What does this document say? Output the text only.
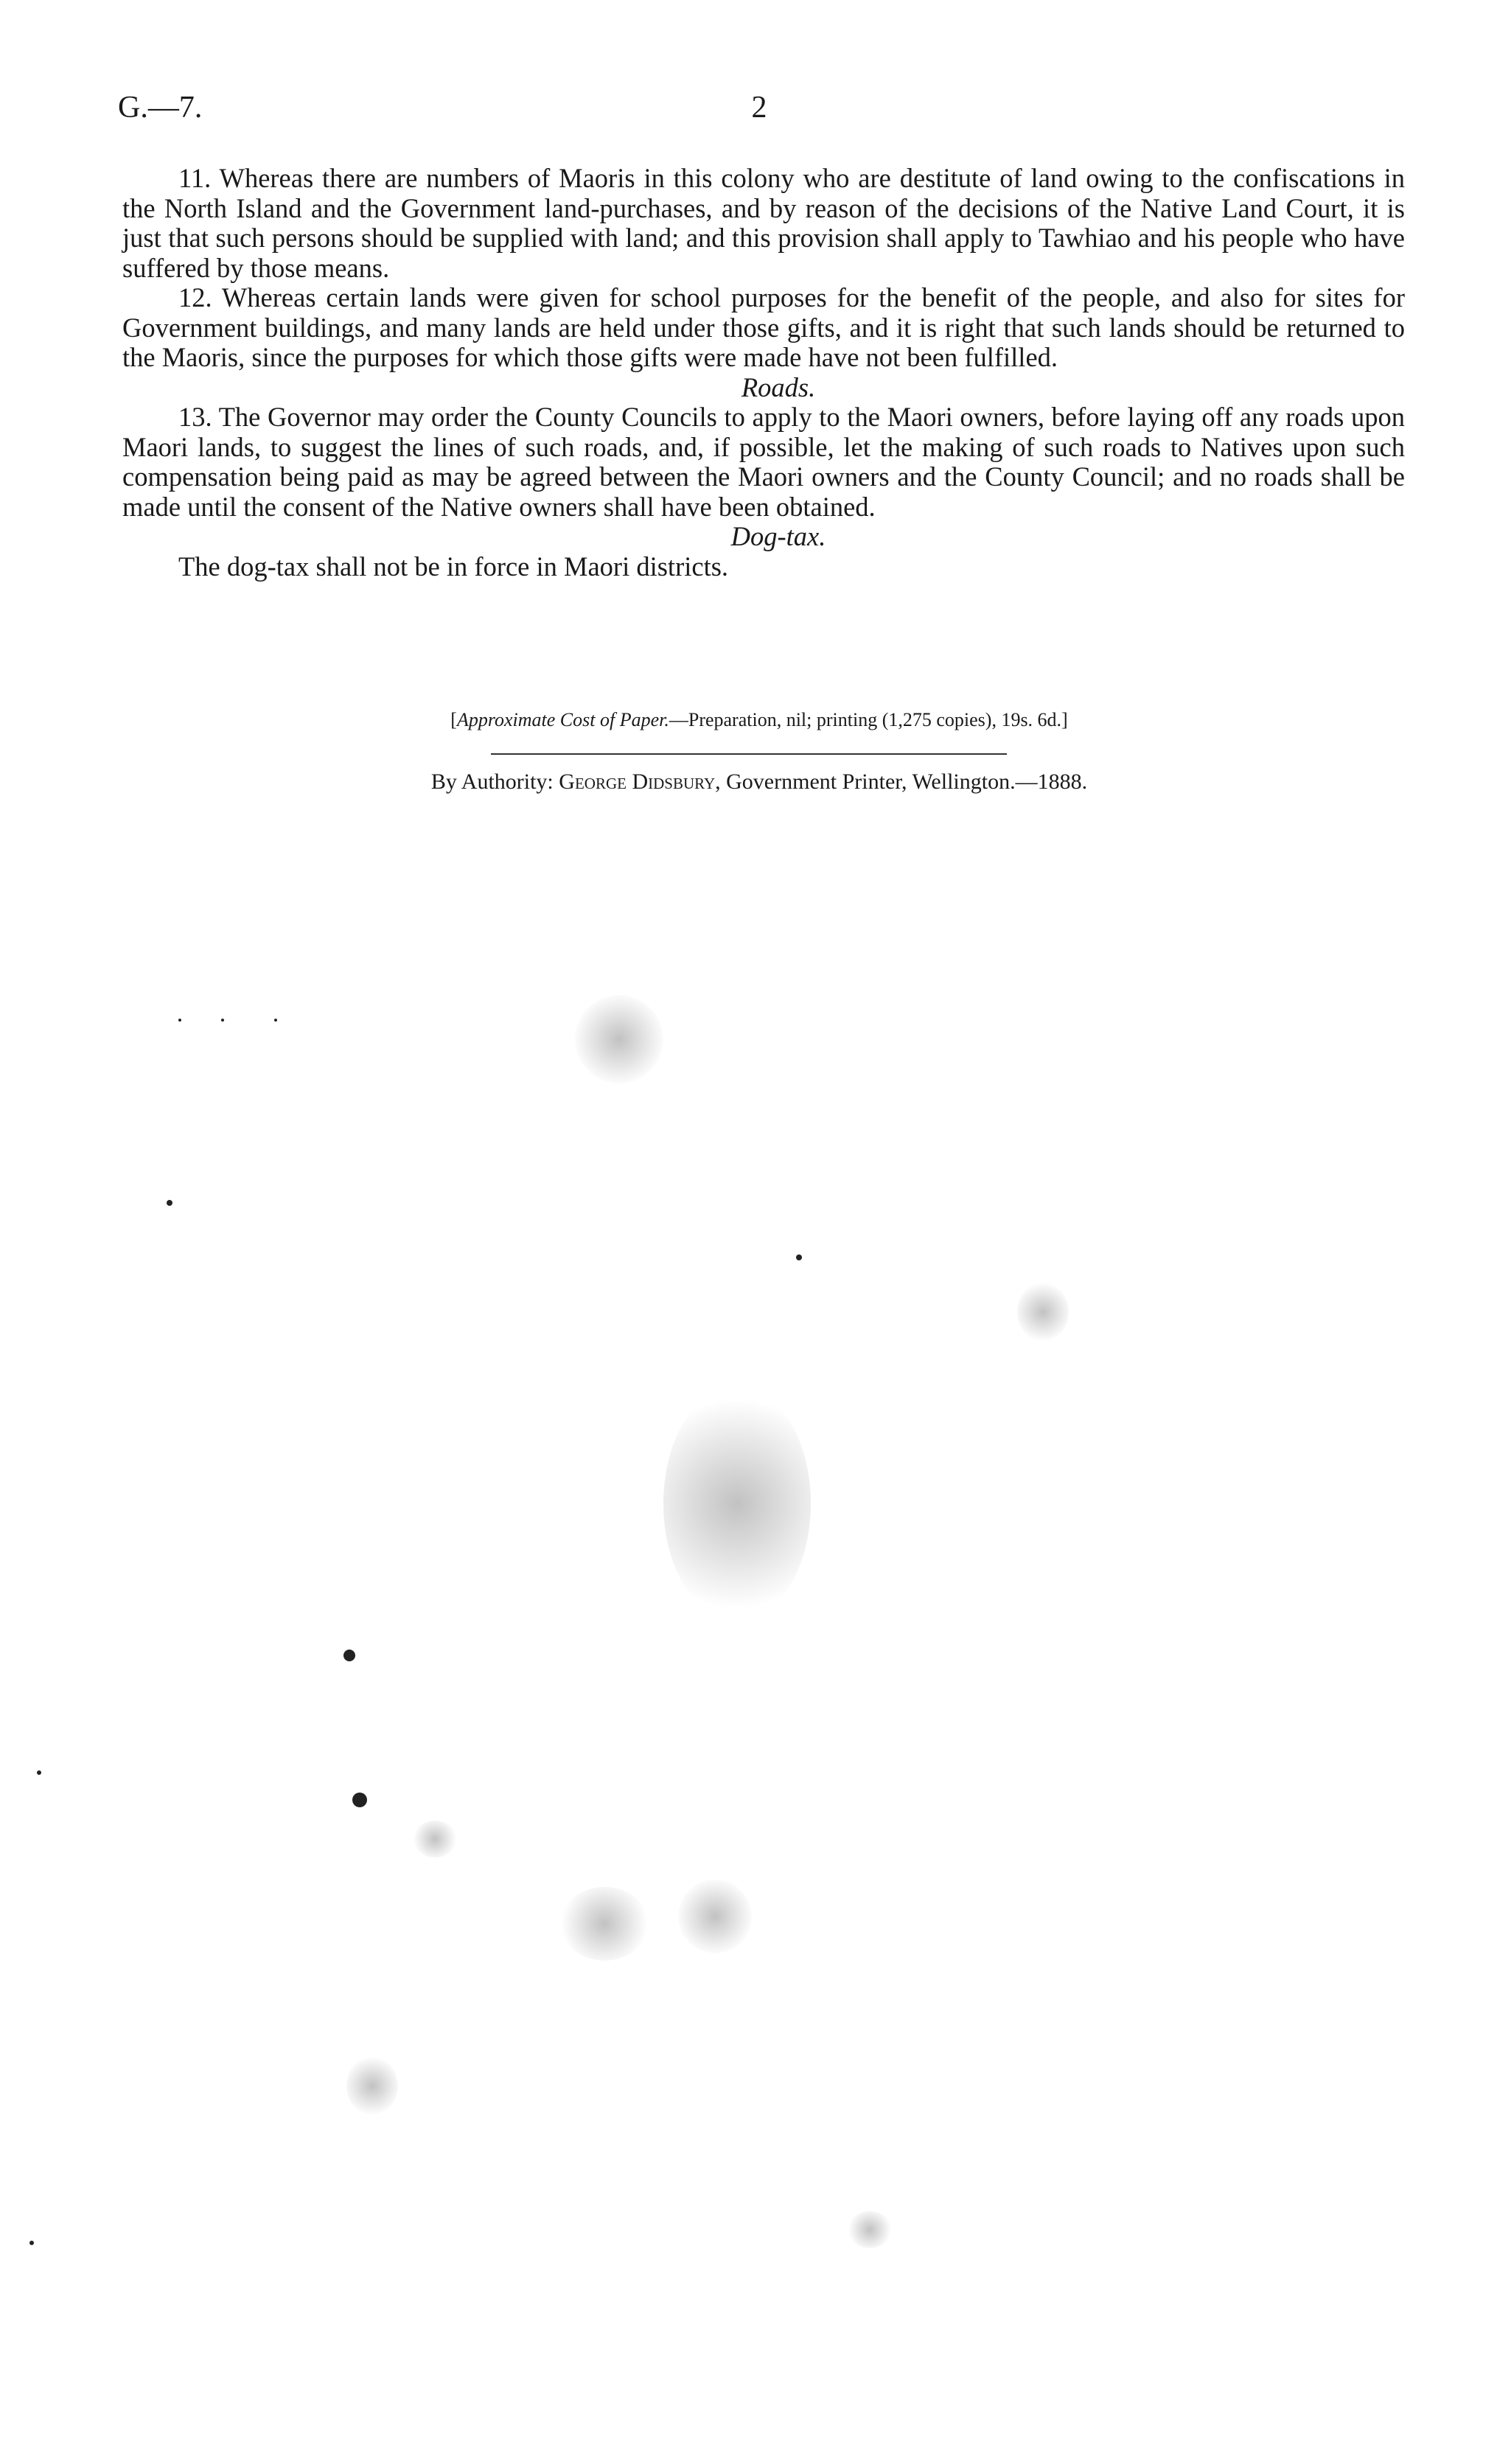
G.—7.	2

11. Whereas there are numbers of Maoris in this colony who are destitute of land owing to the confiscations in the North Island and the Government land-purchases, and by reason of the decisions of the Native Land Court, it is just that such persons should be supplied with land; and this provision shall apply to Tawhiao and his people who have suffered by those means.

12. Whereas certain lands were given for school purposes for the benefit of the people, and also for sites for Government buildings, and many lands are held under those gifts, and it is right that such lands should be returned to the Maoris, since the purposes for which those gifts were made have not been fulfilled.

Roads.

13. The Governor may order the County Councils to apply to the Maori owners, before laying off any roads upon Maori lands, to suggest the lines of such roads, and, if possible, let the making of such roads to Natives upon such compensation being paid as may be agreed between the Maori owners and the County Council; and no roads shall be made until the consent of the Native owners shall have been obtained.

Dog-tax.

The dog-tax shall not be in force in Maori districts.

[Approximate Cost of Paper.—Preparation, nil; printing (1,275 copies), 19s. 6d.]
By Authority: George Didsbury, Government Printer, Wellington.—1888.
